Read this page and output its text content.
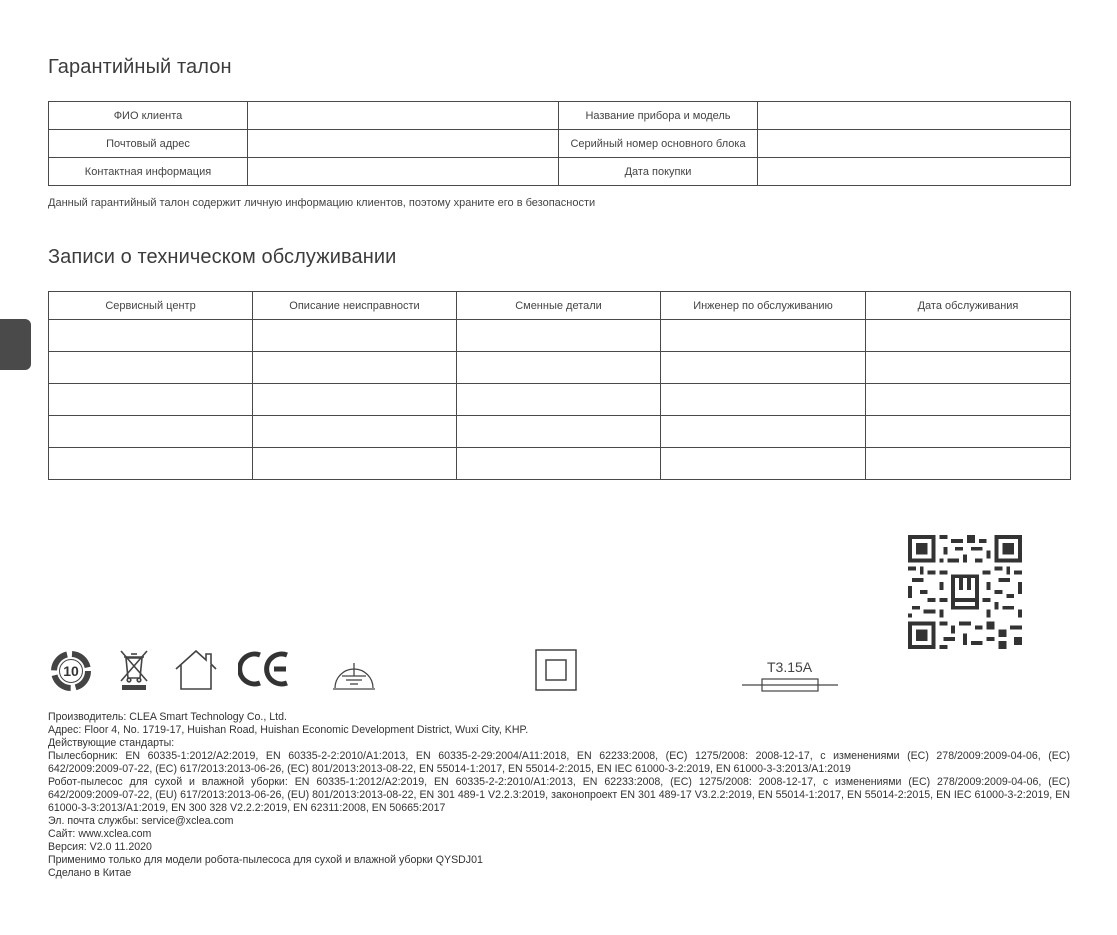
Гарантийный талон
ФИО клиента		Название прибора и модель	
Почтовый адрес		Серийный номер основного блока	
Контактная информация		Дата покупки	
Данный гарантийный талон содержит личную информацию клиентов, поэтому храните его в безопасности
Записи о техническом обслуживании
Сервисный центр	Описание неисправности	Сменные детали	Инженер по обслуживанию	Дата обслуживания

10	T3.15A
Производитель: CLEA Smart Technology Co., Ltd.
Адрес: Floor 4, No. 1719-17, Huishan Road, Huishan Economic Development District, Wuxi City, KHP.
Действующие стандарты:
Пылесборник: EN 60335-1:2012/A2:2019, EN 60335-2-2:2010/A1:2013, EN 60335-2-29:2004/A11:2018, EN 62233:2008, (EC) 1275/2008: 2008-12-17, с изменениями (EC) 278/2009:2009-04-06, (EC) 642/2009:2009-07-22, (EC) 617/2013:2013-06-26, (EC) 801/2013:2013-08-22, EN 55014-1:2017, EN 55014-2:2015, EN IEC 61000-3-2:2019, EN 61000-3-3:2013/A1:2019
Робот-пылесос для сухой и влажной уборки: EN 60335-1:2012/A2:2019, EN 60335-2-2:2010/A1:2013, EN 62233:2008, (EC) 1275/2008: 2008-12-17, с изменениями (EC) 278/2009:2009-04-06, (EC) 642/2009:2009-07-22, (EU) 617/2013:2013-06-26, (EU) 801/2013:2013-08-22, EN 301 489-1 V2.2.3:2019, законопроект EN 301 489-17 V3.2.2:2019, EN 55014-1:2017, EN 55014-2:2015, EN IEC 61000-3-2:2019, EN 61000-3-3:2013/A1:2019, EN 300 328 V2.2.2:2019, EN 62311:2008, EN 50665:2017
Эл. почта службы: service@xclea.com
Сайт: www.xclea.com
Версия: V2.0 11.2020
Применимо только для модели робота-пылесоса для сухой и влажной уборки QYSDJ01
Сделано в Китае
